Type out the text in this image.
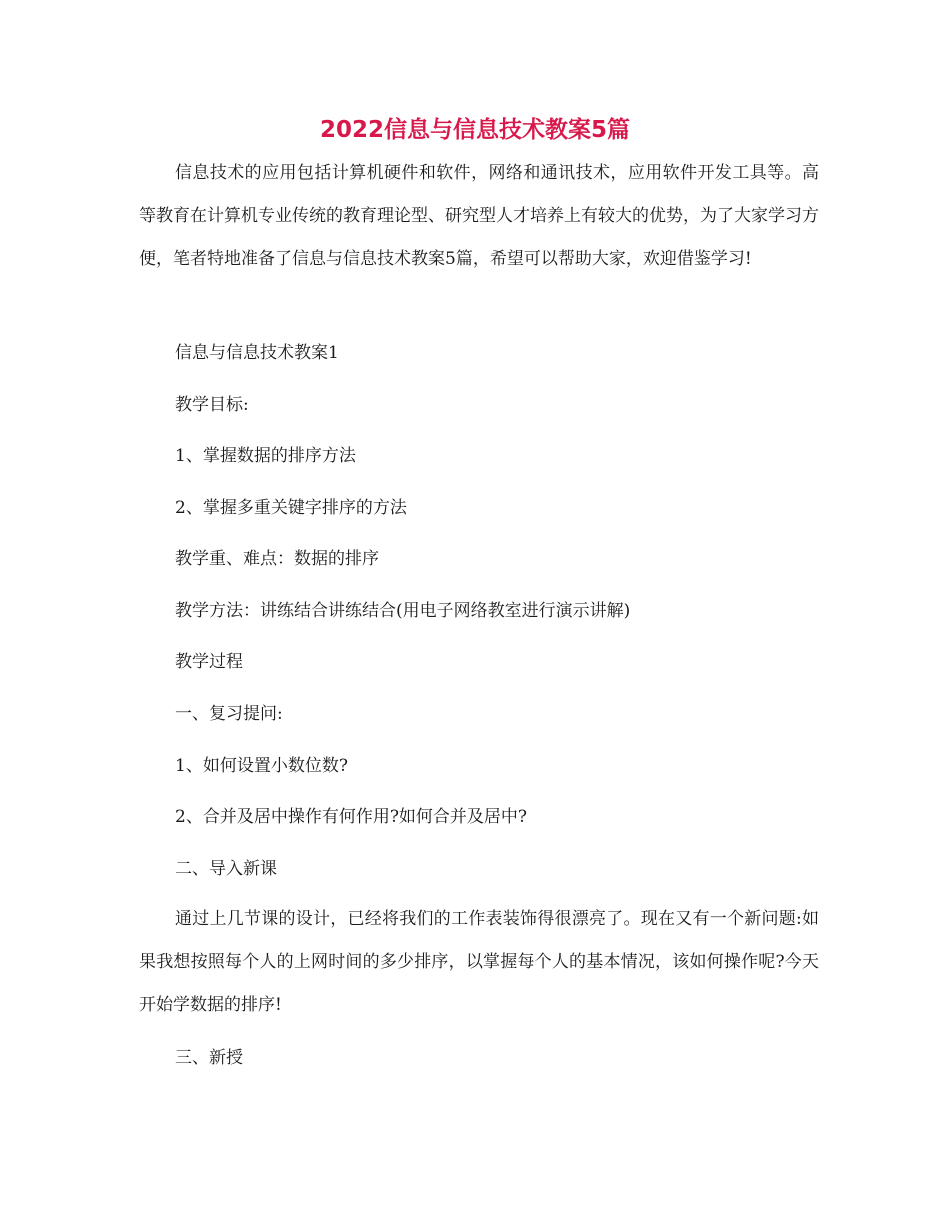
2022信息与信息技术教案5篇

信息技术的应用包括计算机硬件和软件，网络和通讯技术，应用软件开发工具等。高等教育在计算机专业传统的教育理论型、研究型人才培养上有较大的优势，为了大家学习方便，笔者特地准备了信息与信息技术教案5篇，希望可以帮助大家，欢迎借鉴学习!

信息与信息技术教案1

教学目标:

1、掌握数据的排序方法

2、掌握多重关键字排序的方法

教学重、难点：数据的排序

教学方法：讲练结合讲练结合(用电子网络教室进行演示讲解)

教学过程

一、复习提问:

1、如何设置小数位数?

2、合并及居中操作有何作用?如何合并及居中?

二、导入新课

通过上几节课的设计，已经将我们的工作表装饰得很漂亮了。现在又有一个新问题:如果我想按照每个人的上网时间的多少排序，以掌握每个人的基本情况，该如何操作呢?今天开始学数据的排序!

三、新授
